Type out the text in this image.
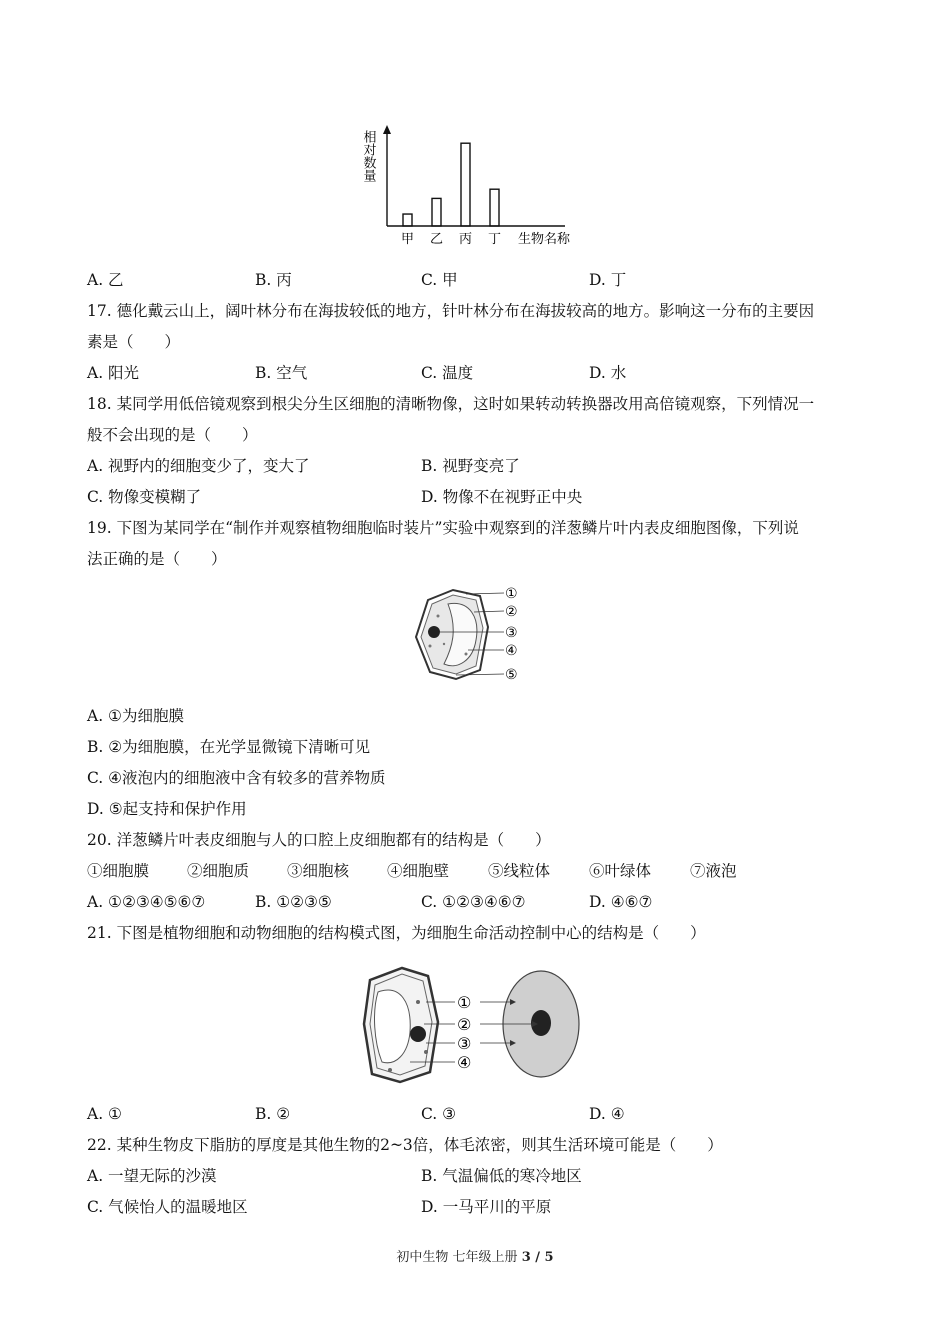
相对数量
甲 乙 丙 丁 生物名称
A. 乙	B. 丙	C. 甲	D. 丁
17. 德化戴云山上，阔叶林分布在海拔较低的地方，针叶林分布在海拔较高的地方。影响这一分布的主要因
素是（　　）
A. 阳光	B. 空气	C. 温度	D. 水
18. 某同学用低倍镜观察到根尖分生区细胞的清晰物像，这时如果转动转换器改用高倍镜观察，下列情况一
般不会出现的是（　　）
A. 视野内的细胞变少了，变大了	B. 视野变亮了
C. 物像变模糊了	D. 物像不在视野正中央
19. 下图为某同学在“制作并观察植物细胞临时装片”实验中观察到的洋葱鳞片叶内表皮细胞图像，下列说
法正确的是（　　）
①
②
③
④
⑤
A. ①为细胞膜
B. ②为细胞膜，在光学显微镜下清晰可见
C. ④液泡内的细胞液中含有较多的营养物质
D. ⑤起支持和保护作用
20. 洋葱鳞片叶表皮细胞与人的口腔上皮细胞都有的结构是（　　）
①细胞膜 ②细胞质 ③细胞核 ④细胞壁	⑤线粒体	⑥叶绿体	⑦液泡
A. ①②③④⑤⑥⑦	B. ①②③⑤	C. ①②③④⑥⑦	D. ④⑥⑦
21. 下图是植物细胞和动物细胞的结构模式图，为细胞生命活动控制中心的结构是（　　）
①
②
③
④
A. ①	B. ②	C. ③	D. ④
22. 某种生物皮下脂肪的厚度是其他生物的2~3倍，体毛浓密，则其生活环境可能是（　　）
A. 一望无际的沙漠	B. 气温偏低的寒冷地区
C. 气候怡人的温暖地区	D. 一马平川的平原
初中生物 七年级上册 3 / 5
